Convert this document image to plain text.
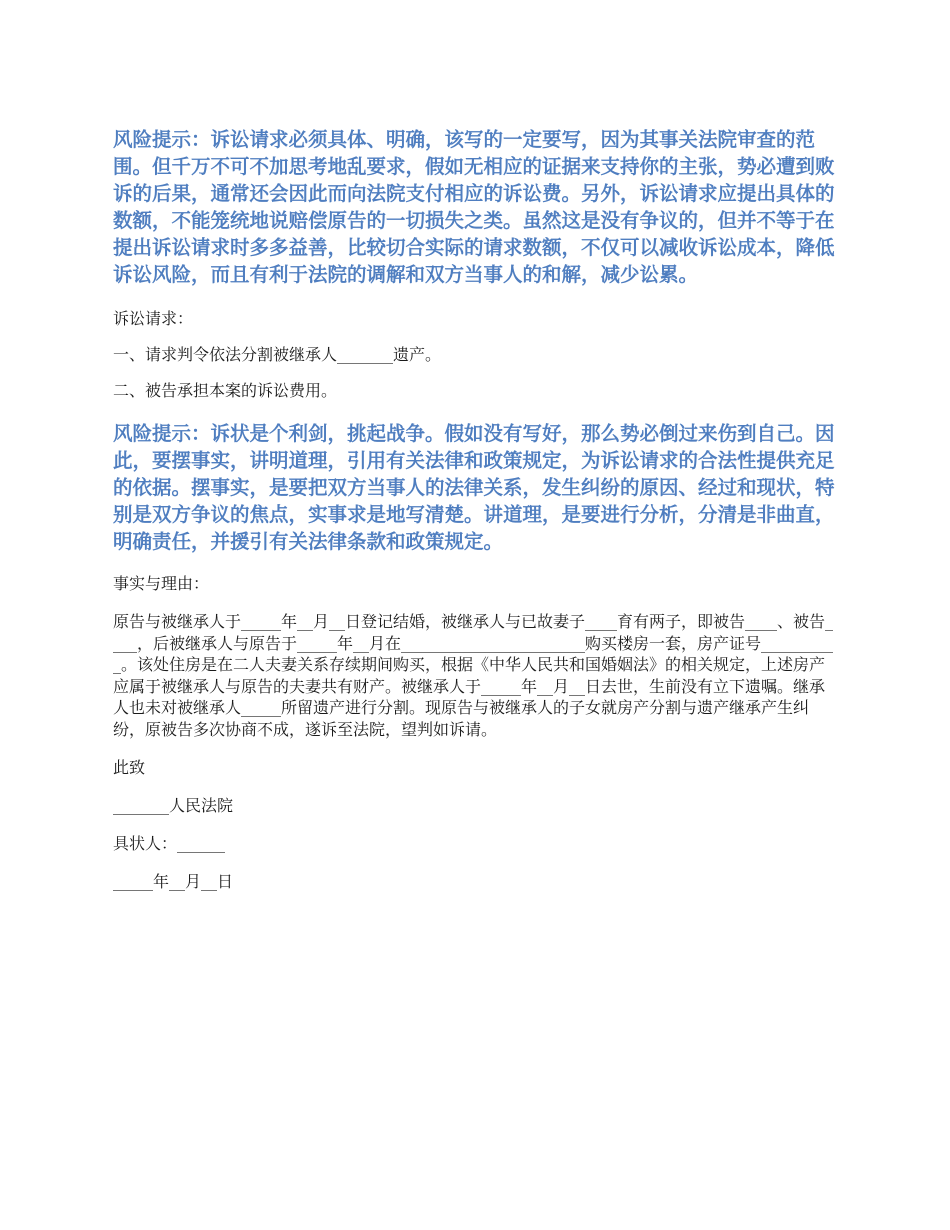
风险提示：诉讼请求必须具体、明确，该写的一定要写，因为其事关法院审查的范围。但千万不可不加思考地乱要求，假如无相应的证据来支持你的主张，势必遭到败诉的后果，通常还会因此而向法院支付相应的诉讼费。另外，诉讼请求应提出具体的数额，不能笼统地说赔偿原告的一切损失之类。虽然这是没有争议的，但并不等于在提出诉讼请求时多多益善，比较切合实际的请求数额，不仅可以减收诉讼成本，降低诉讼风险，而且有利于法院的调解和双方当事人的和解，减少讼累。

诉讼请求：

一、请求判令依法分割被继承人_______遗产。

二、被告承担本案的诉讼费用。

风险提示：诉状是个利剑，挑起战争。假如没有写好，那么势必倒过来伤到自己。因此，要摆事实，讲明道理，引用有关法律和政策规定，为诉讼请求的合法性提供充足的依据。摆事实，是要把双方当事人的法律关系，发生纠纷的原因、经过和现状，特别是双方争议的焦点，实事求是地写清楚。讲道理，是要进行分析，分清是非曲直，明确责任，并援引有关法律条款和政策规定。

事实与理由：

原告与被继承人于_____年__月__日登记结婚，被继承人与已故妻子____育有两子，即被告____、被告____，后被继承人与原告于_____年__月在_______________________购买楼房一套，房产证号__________。该处住房是在二人夫妻关系存续期间购买，根据《中华人民共和国婚姻法》的相关规定，上述房产应属于被继承人与原告的夫妻共有财产。被继承人于_____年__月__日去世，生前没有立下遗嘱。继承人也未对被继承人_____所留遗产进行分割。现原告与被继承人的子女就房产分割与遗产继承产生纠纷，原被告多次协商不成，遂诉至法院，望判如诉请。

此致

_______人民法院

具状人：______

_____年__月__日
